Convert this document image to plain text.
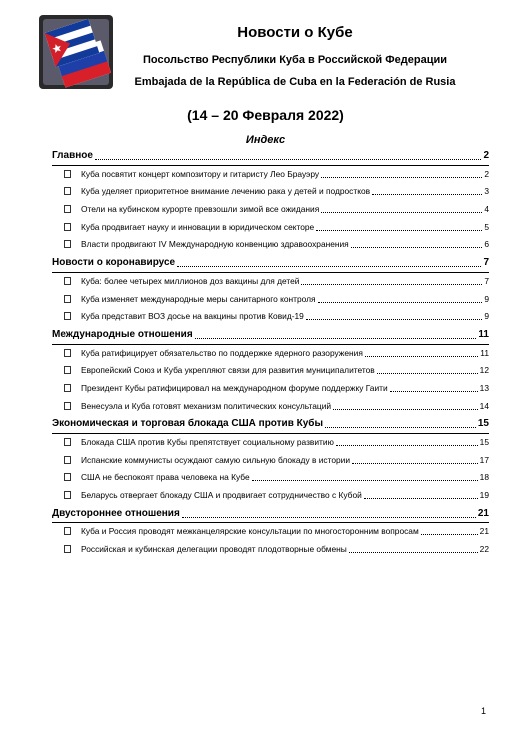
Новости о Кубе
Посольство Республики Куба в Российской Федерации
Embajada de la República de Cuba en la Federación de Rusia
(14 – 20 Февраля 2022)
Индекс
Главное	2
Куба посвятит концерт композитору и гитаристу Лео Брауэру	2
Куба уделяет приоритетное внимание лечению рака у детей и подростков	3
Отели на кубинском курорте превзошли зимой все ожидания	4
Куба продвигает науку и инновации в юридическом секторе	5
Власти продвигают IV Международную конвенцию здравоохранения	6
Новости о коронавирусе	7
Куба: более четырех миллионов доз вакцины для детей	7
Куба изменяет международные меры санитарного контроля	9
Куба представит ВОЗ досье на вакцины против Ковид-19	9
Международные отношения	11
Куба ратифицирует обязательство по поддержке ядерного разоружения	11
Европейский Союз и Куба укрепляют связи для развития муниципалитетов	12
Президент Кубы ратифицировал на международном форуме поддержку Гаити	13
Венесуэла и Куба готовят механизм политических консультаций	14
Экономическая и торговая блокада США против Кубы	15
Блокада США против Кубы препятствует социальному развитию	15
Испанские коммунисты осуждают самую сильную блокаду в истории	17
США не беспокоят права человека на Кубе	18
Беларусь отвергает блокаду США и продвигает сотрудничество с Кубой	19
Двустороннее отношения	21
Куба и Россия проводят межканцелярские консультации по многосторонним вопросам	21
Российская и кубинская делегации проводят плодотворные обмены	22
1
